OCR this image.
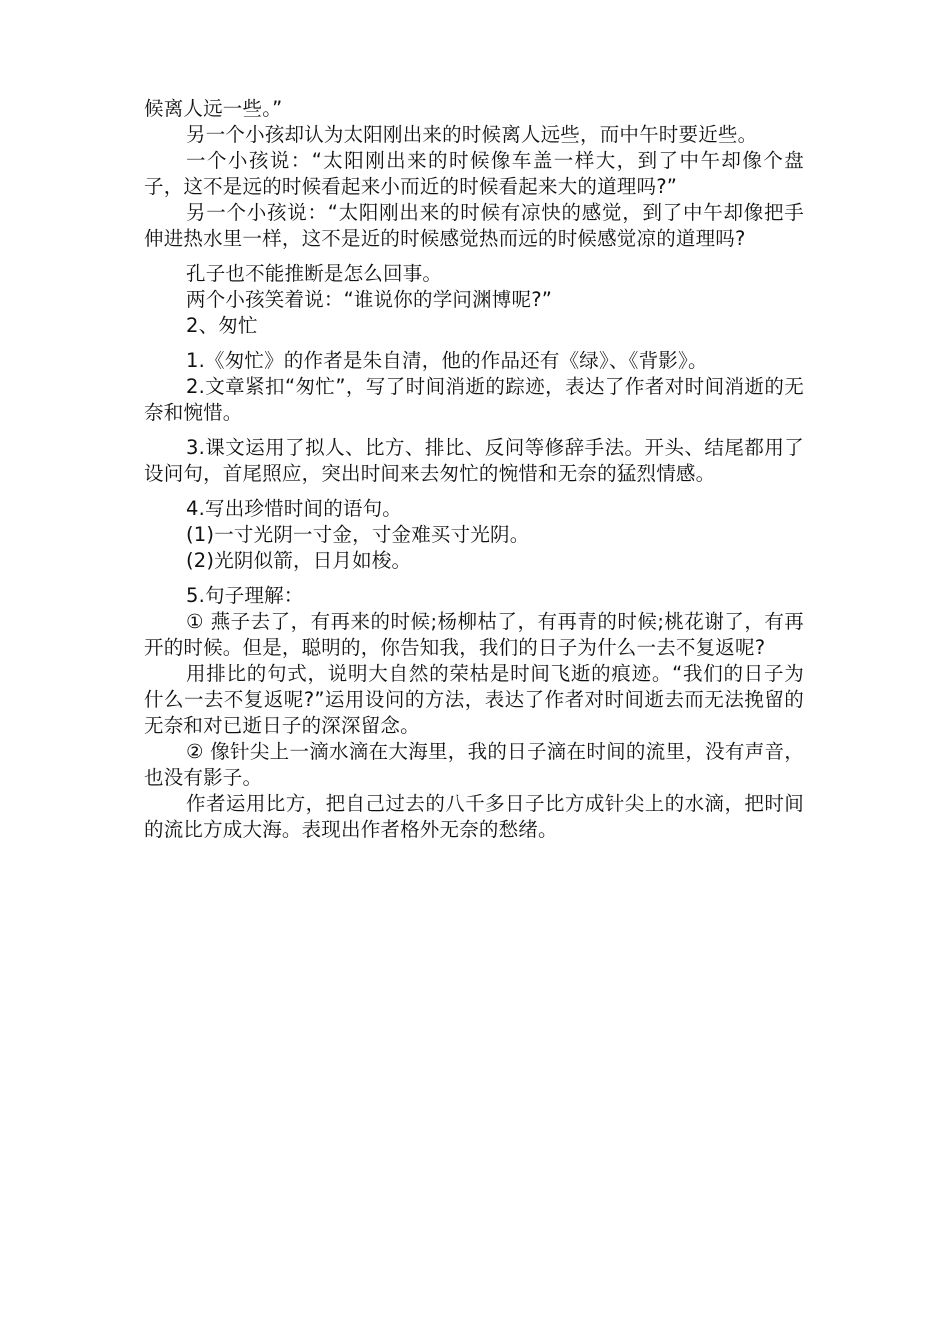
候离人远一些。”

另一个小孩却认为太阳刚出来的时候离人远些，而中午时要近些。

一个小孩说：“太阳刚出来的时候像车盖一样大，到了中午却像个盘子，这不是远的时候看起来小而近的时候看起来大的道理吗?”

另一个小孩说：“太阳刚出来的时候有凉快的感觉，到了中午却像把手伸进热水里一样，这不是近的时候感觉热而远的时候感觉凉的道理吗?

孔子也不能推断是怎么回事。

两个小孩笑着说：“谁说你的学问渊博呢?”

2、匆忙

1.《匆忙》的作者是朱自清，他的作品还有《绿》、《背影》。

2.文章紧扣“匆忙”，写了时间消逝的踪迹，表达了作者对时间消逝的无奈和惋惜。

3.课文运用了拟人、比方、排比、反问等修辞手法。开头、结尾都用了设问句，首尾照应，突出时间来去匆忙的惋惜和无奈的猛烈情感。

4.写出珍惜时间的语句。

(1)一寸光阴一寸金，寸金难买寸光阴。

(2)光阴似箭，日月如梭。

5.句子理解：

① 燕子去了，有再来的时候;杨柳枯了，有再青的时候;桃花谢了，有再开的时候。但是，聪明的，你告知我，我们的日子为什么一去不复返呢?

用排比的句式，说明大自然的荣枯是时间飞逝的痕迹。“我们的日子为什么一去不复返呢?”运用设问的方法，表达了作者对时间逝去而无法挽留的无奈和对已逝日子的深深留念。

② 像针尖上一滴水滴在大海里，我的日子滴在时间的流里，没有声音，也没有影子。

作者运用比方，把自己过去的八千多日子比方成针尖上的水滴，把时间的流比方成大海。表现出作者格外无奈的愁绪。
